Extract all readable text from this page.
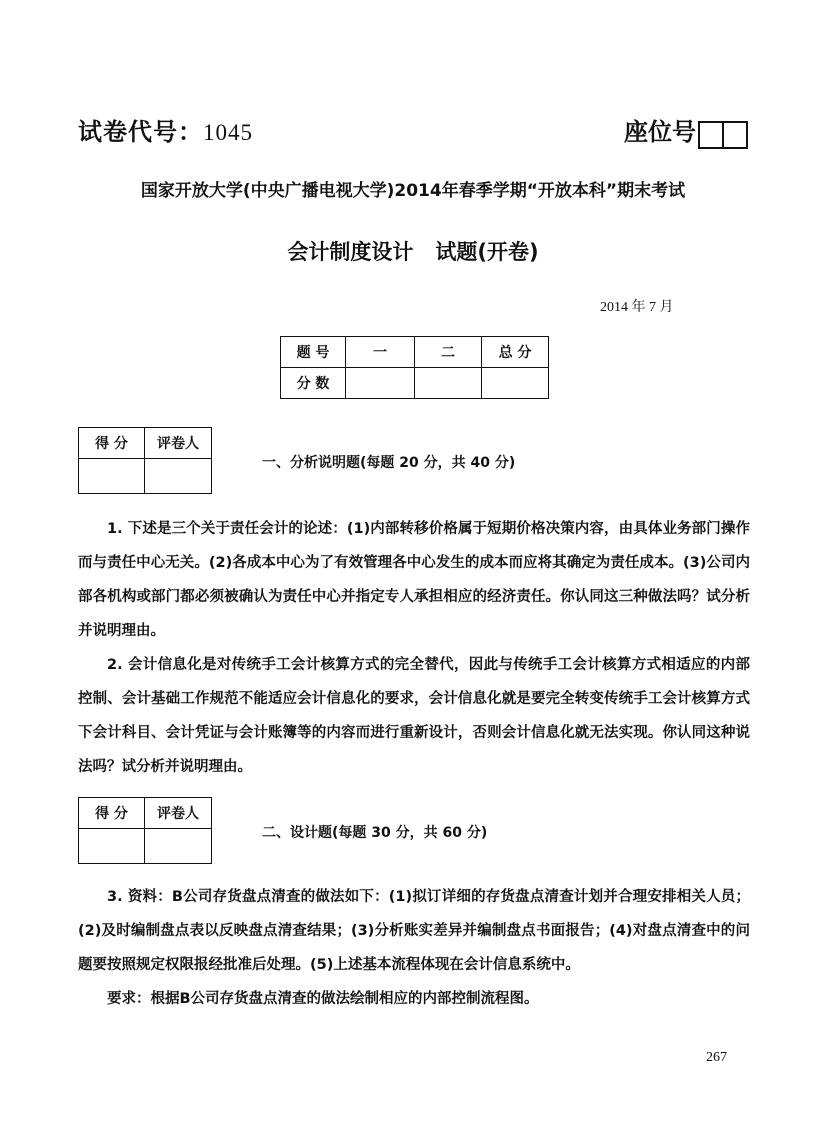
试卷代号：1045	座位号
国家开放大学(中央广播电视大学)2014年春季学期“开放本科”期末考试
会计制度设计   试题(开卷)
2014 年 7 月
题 号	一	二	总 分
分 数			
得 分	评卷人

一、分析说明题(每题 20 分，共 40 分)

1. 下述是三个关于责任会计的论述：(1)内部转移价格属于短期价格决策内容，由具体业务部门操作而与责任中心无关。(2)各成本中心为了有效管理各中心发生的成本而应将其确定为责任成本。(3)公司内部各机构或部门都必须被确认为责任中心并指定专人承担相应的经济责任。你认同这三种做法吗？试分析并说明理由。

2. 会计信息化是对传统手工会计核算方式的完全替代，因此与传统手工会计核算方式相适应的内部控制、会计基础工作规范不能适应会计信息化的要求，会计信息化就是要完全转变传统手工会计核算方式下会计科目、会计凭证与会计账簿等的内容而进行重新设计，否则会计信息化就无法实现。你认同这种说法吗？试分析并说明理由。

得 分	评卷人

二、设计题(每题 30 分，共 60 分)

3. 资料：B公司存货盘点清查的做法如下：(1)拟订详细的存货盘点清查计划并合理安排相关人员；(2)及时编制盘点表以反映盘点清查结果；(3)分析账实差异并编制盘点书面报告；(4)对盘点清查中的问题要按照规定权限报经批准后处理。(5)上述基本流程体现在会计信息系统中。

要求：根据B公司存货盘点清查的做法绘制相应的内部控制流程图。

267
